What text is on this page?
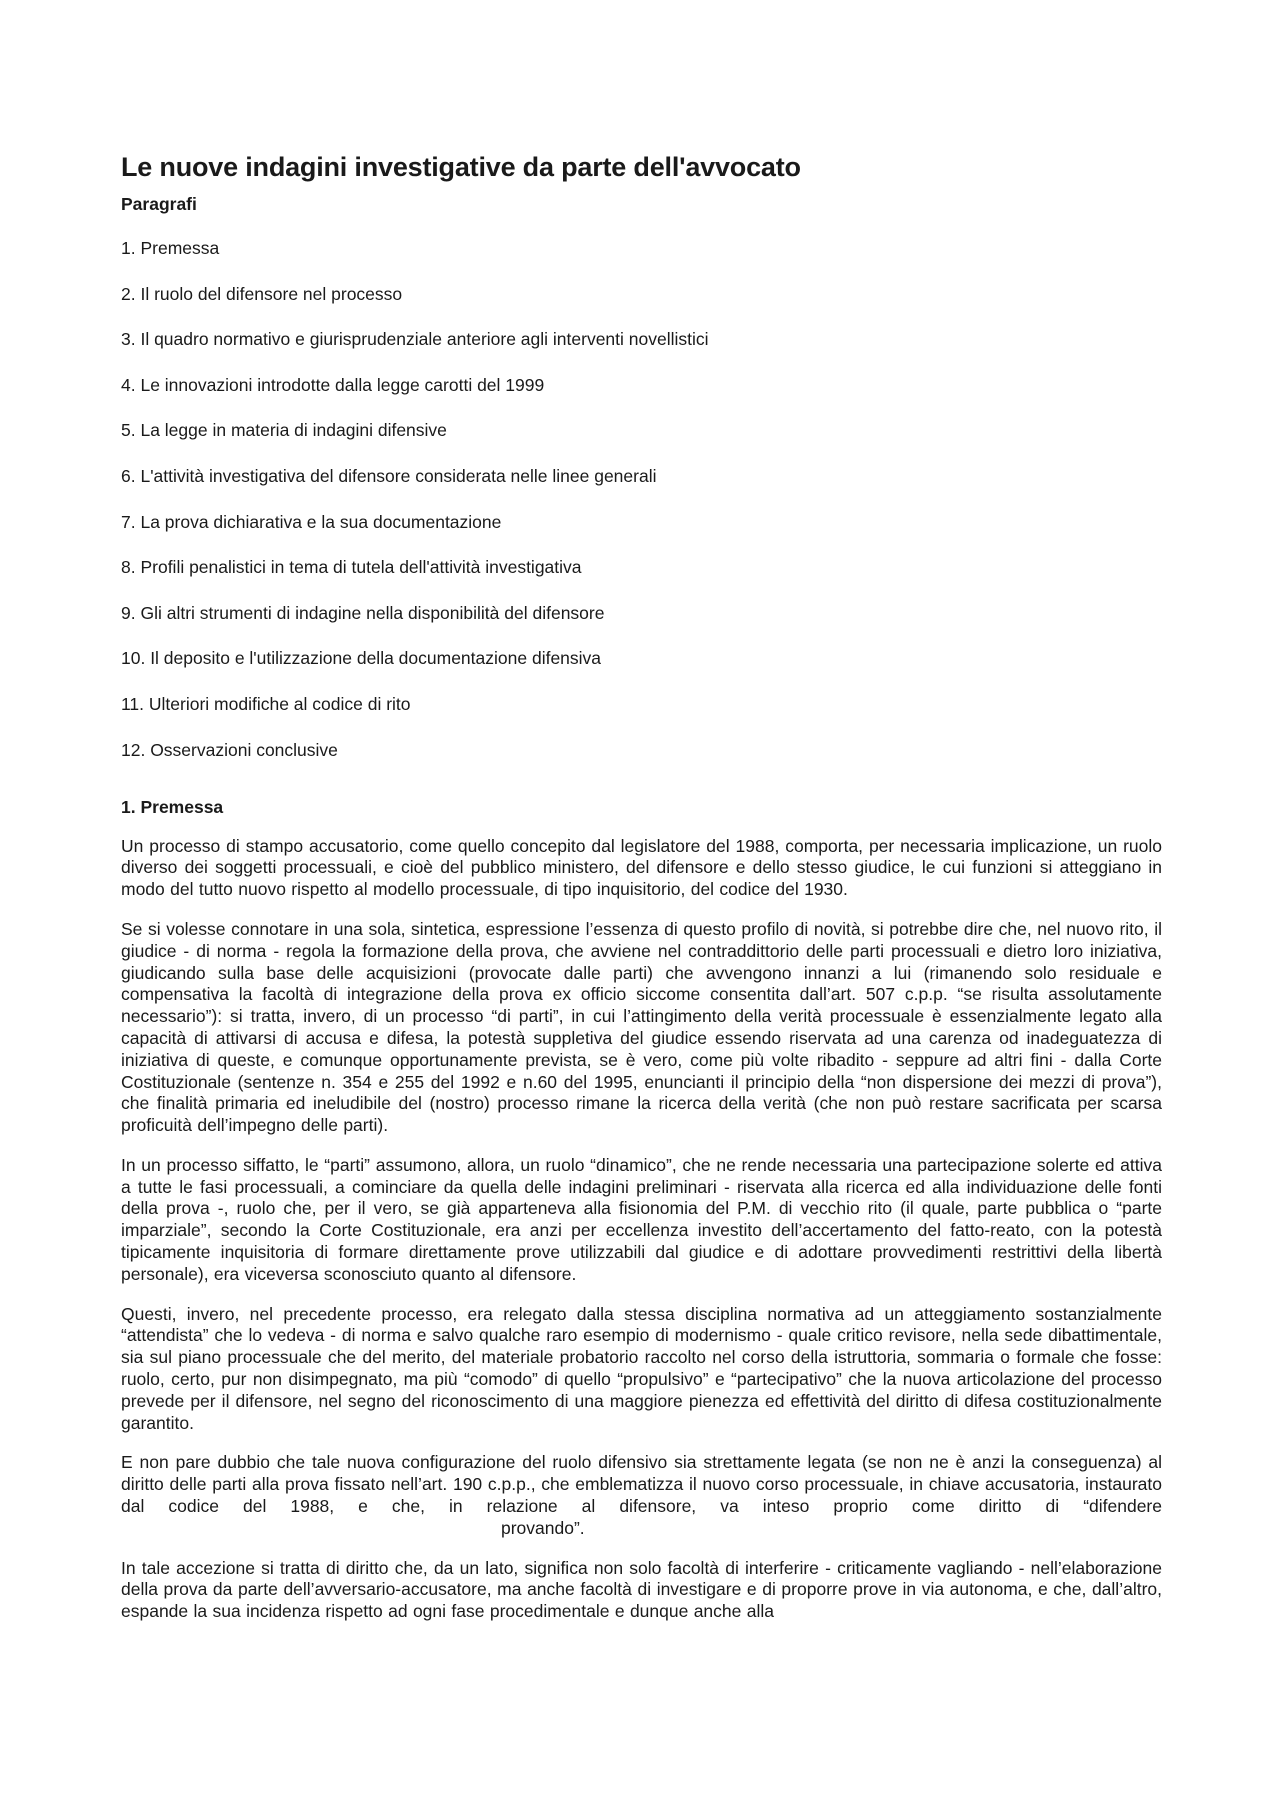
Le nuove indagini investigative da parte dell'avvocato
Paragrafi
1. Premessa
2. Il ruolo del difensore nel processo
3. Il quadro normativo e giurisprudenziale anteriore agli interventi novellistici
4. Le innovazioni introdotte dalla legge carotti del 1999
5. La legge in materia di indagini difensive
6. L'attività investigativa del difensore considerata nelle linee generali
7. La prova dichiarativa e la sua documentazione
8. Profili penalistici in tema di tutela dell'attività investigativa
9. Gli altri strumenti di indagine nella disponibilità del difensore
10. Il deposito e l'utilizzazione della documentazione difensiva
11. Ulteriori modifiche al codice di rito
12. Osservazioni conclusive
1. Premessa

Un processo di stampo accusatorio, come quello concepito dal legislatore del 1988, comporta, per necessaria implicazione, un ruolo diverso dei soggetti processuali, e cioè del pubblico ministero, del difensore e dello stesso giudice, le cui funzioni si atteggiano in modo del tutto nuovo rispetto al modello processuale, di tipo inquisitorio, del codice del 1930.

Se si volesse connotare in una sola, sintetica, espressione l’essenza di questo profilo di novità, si potrebbe dire che, nel nuovo rito, il giudice - di norma - regola la formazione della prova, che avviene nel contraddittorio delle parti processuali e dietro loro iniziativa, giudicando sulla base delle acquisizioni (provocate dalle parti) che avvengono innanzi a lui (rimanendo solo residuale e compensativa la facoltà di integrazione della prova ex officio siccome consentita dall’art. 507 c.p.p. “se risulta assolutamente necessario”): si tratta, invero, di un processo “di parti”, in cui l’attingimento della verità processuale è essenzialmente legato alla capacità di attivarsi di accusa e difesa, la potestà suppletiva del giudice essendo riservata ad una carenza od inadeguatezza di iniziativa di queste, e comunque opportunamente prevista, se è vero, come più volte ribadito - seppure ad altri fini - dalla Corte Costituzionale (sentenze n. 354 e 255 del 1992 e n.60 del 1995, enuncianti il principio della “non dispersione dei mezzi di prova”), che finalità primaria ed ineludibile del (nostro) processo rimane la ricerca della verità (che non può restare sacrificata per scarsa proficuità dell’impegno delle parti).

In un processo siffatto, le “parti” assumono, allora, un ruolo “dinamico”, che ne rende necessaria una partecipazione solerte ed attiva a tutte le fasi processuali, a cominciare da quella delle indagini preliminari - riservata alla ricerca ed alla individuazione delle fonti della prova -, ruolo che, per il vero, se già apparteneva alla fisionomia del P.M. di vecchio rito (il quale, parte pubblica o “parte imparziale”, secondo la Corte Costituzionale, era anzi per eccellenza investito dell’accertamento del fatto-reato, con la potestà tipicamente inquisitoria di formare direttamente prove utilizzabili dal giudice e di adottare provvedimenti restrittivi della libertà personale), era viceversa sconosciuto quanto al difensore.

Questi, invero, nel precedente processo, era relegato dalla stessa disciplina normativa ad un atteggiamento sostanzialmente “attendista” che lo vedeva - di norma e salvo qualche raro esempio di modernismo - quale critico revisore, nella sede dibattimentale, sia sul piano processuale che del merito, del materiale probatorio raccolto nel corso della istruttoria, sommaria o formale che fosse: ruolo, certo, pur non disimpegnato, ma più “comodo” di quello “propulsivo” e “partecipativo” che la nuova articolazione del processo prevede per il difensore, nel segno del riconoscimento di una maggiore pienezza ed effettività del diritto di difesa costituzionalmente garantito.

E non pare dubbio che tale nuova configurazione del ruolo difensivo sia strettamente legata (se non ne è anzi la conseguenza) al diritto delle parti alla prova fissato nell’art. 190 c.p.p., che emblematizza il nuovo corso processuale, in chiave accusatoria, instaurato dal codice del 1988, e che, in relazione al difensore, va inteso proprio come diritto di “difendereprovando”.

In tale accezione si tratta di diritto che, da un lato, significa non solo facoltà di interferire - criticamente vagliando - nell’elaborazione della prova da parte dell’avversario-accusatore, ma anche facoltà di investigare e di proporre prove in via autonoma, e che, dall’altro, espande la sua incidenza rispetto ad ogni fase procedimentale e dunque anche alla
